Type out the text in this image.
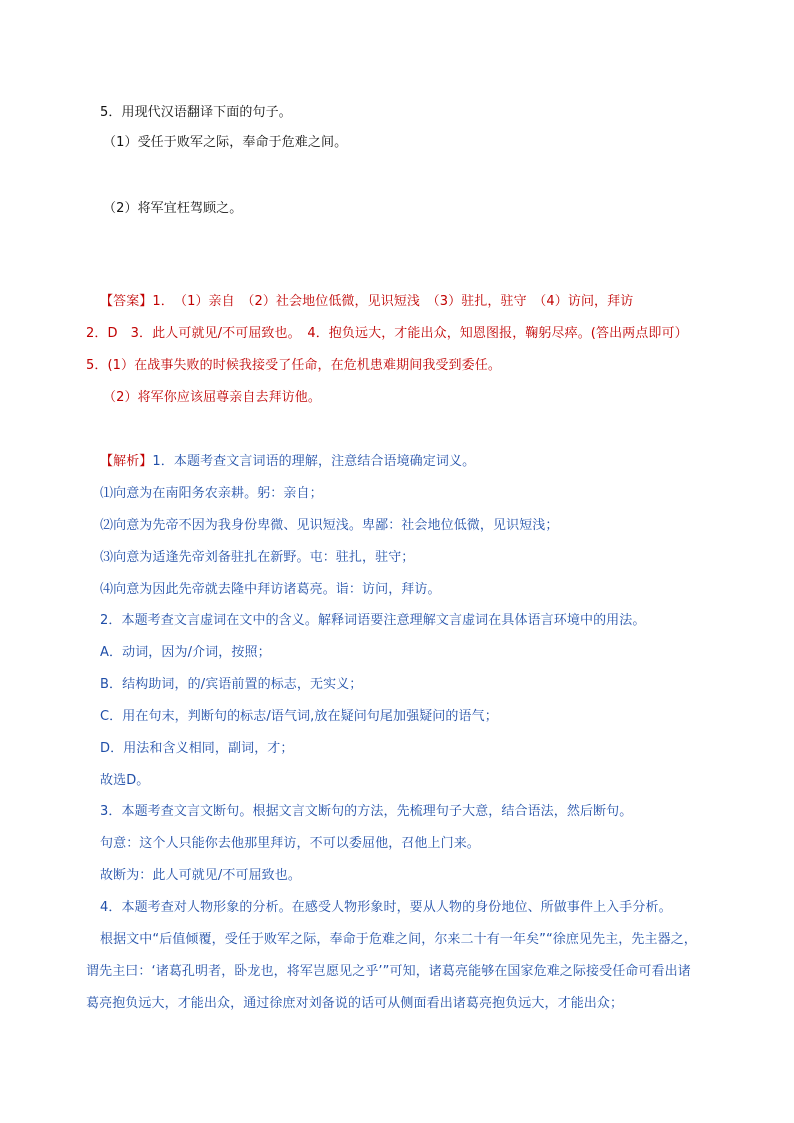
5．用现代汉语翻译下面的句子。
（1）受任于败军之际，奉命于危难之间。
（2）将军宜枉驾顾之。
【答案】1．　（1）亲自　（2）社会地位低微，见识短浅　（3）驻扎，驻守　（4）访问，拜访
2．D　3．此人可就见/不可屈致也。　4．抱负远大，才能出众，知恩图报，鞠躬尽瘁。(答出两点即可）
5．(1）在战事失败的时候我接受了任命，在危机患难期间我受到委任。
（2）将军你应该屈尊亲自去拜访他。
【解析】1．本题考查文言词语的理解，注意结合语境确定词义。
⑴向意为在南阳务农亲耕。躬：亲自；
⑵向意为先帝不因为我身份卑微、见识短浅。卑鄙：社会地位低微，见识短浅；
⑶向意为适逢先帝刘备驻扎在新野。屯：驻扎，驻守；
⑷向意为因此先帝就去隆中拜访诸葛亮。诣：访问，拜访。
2．本题考查文言虚词在文中的含义。解释词语要注意理解文言虚词在具体语言环境中的用法。
A．动词，因为/介词，按照；
B．结构助词，的/宾语前置的标志，无实义；
C．用在句末，判断句的标志/语气词,放在疑问句尾加强疑问的语气；
D．用法和含义相同，副词，才；
故选D。
3．本题考查文言文断句。根据文言文断句的方法，先梳理句子大意，结合语法，然后断句。
句意：这个人只能你去他那里拜访，不可以委屈他，召他上门来。
故断为：此人可就见/不可屈致也。
4．本题考查对人物形象的分析。在感受人物形象时，要从人物的身份地位、所做事件上入手分析。
根据文中“后值倾覆，受任于败军之际，奉命于危难之间，尔来二十有一年矣”“徐庶见先主，先主器之，
谓先主曰：‘诸葛孔明者，卧龙也，将军岂愿见之乎’”可知，诸葛亮能够在国家危难之际接受任命可看出诸
葛亮抱负远大，才能出众，通过徐庶对刘备说的话可从侧面看出诸葛亮抱负远大，才能出众；
